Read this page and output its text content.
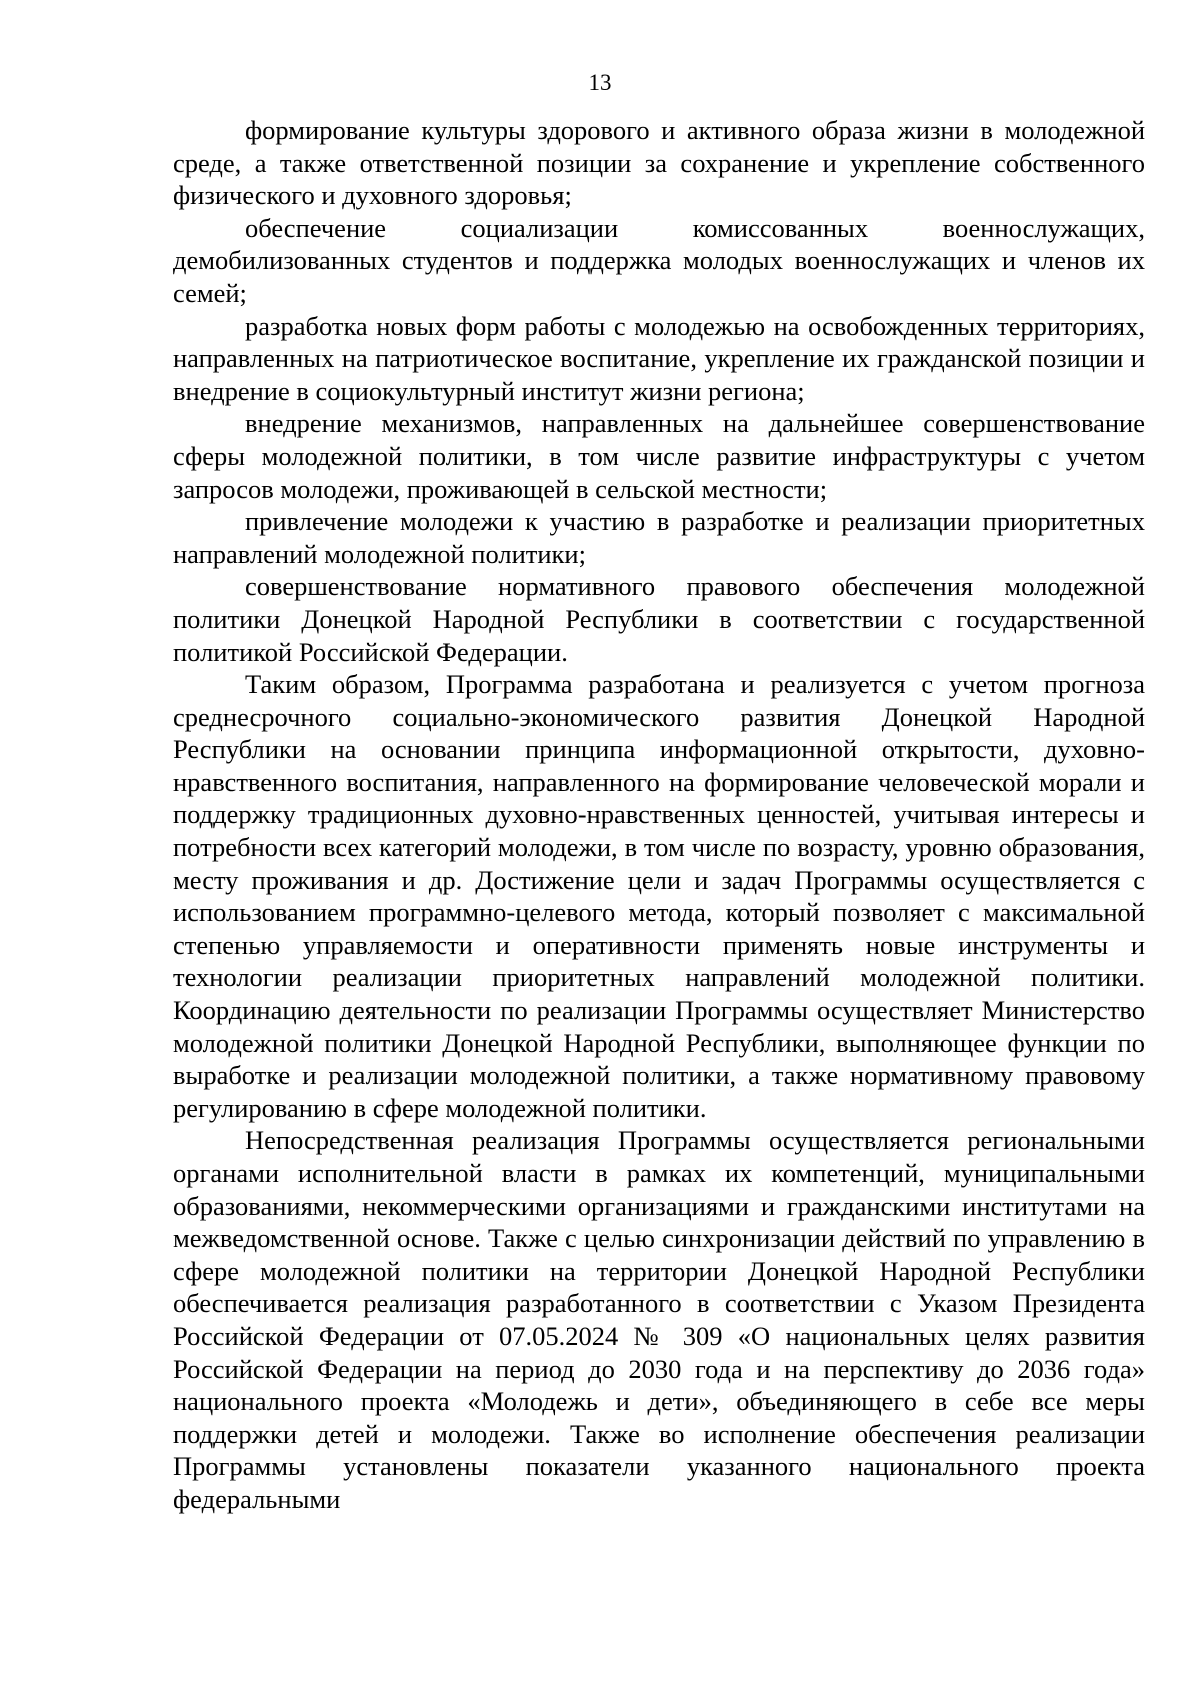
13

формирование культуры здорового и активного образа жизни в молодежной среде, а также ответственной позиции за сохранение и укрепление собственного физического и духовного здоровья;

обеспечение социализации комиссованных военнослужащих, демобилизованных студентов и поддержка молодых военнослужащих и членов их семей;

разработка новых форм работы с молодежью на освобожденных территориях, направленных на патриотическое воспитание, укрепление их гражданской позиции и внедрение в социокультурный институт жизни региона;

внедрение механизмов, направленных на дальнейшее совершенствование сферы молодежной политики, в том числе развитие инфраструктуры с учетом запросов молодежи, проживающей в сельской местности;

привлечение молодежи к участию в разработке и реализации приоритетных направлений молодежной политики;

совершенствование нормативного правового обеспечения молодежной политики Донецкой Народной Республики в соответствии с государственной политикой Российской Федерации.

Таким образом, Программа разработана и реализуется с учетом прогноза среднесрочного социально-экономического развития Донецкой Народной Республики на основании принципа информационной открытости, духовно-нравственного воспитания, направленного на формирование человеческой морали и поддержку традиционных духовно-нравственных ценностей, учитывая интересы и потребности всех категорий молодежи, в том числе по возрасту, уровню образования, месту проживания и др. Достижение цели и задач Программы осуществляется с использованием программно-целевого метода, который позволяет с максимальной степенью управляемости и оперативности применять новые инструменты и технологии реализации приоритетных направлений молодежной политики. Координацию деятельности по реализации Программы осуществляет Министерство молодежной политики Донецкой Народной Республики, выполняющее функции по выработке и реализации молодежной политики, а также нормативному правовому регулированию в сфере молодежной политики.

Непосредственная реализация Программы осуществляется региональными органами исполнительной власти в рамках их компетенций, муниципальными образованиями, некоммерческими организациями и гражданскими институтами на межведомственной основе. Также с целью синхронизации действий по управлению в сфере молодежной политики на территории Донецкой Народной Республики обеспечивается реализация разработанного в соответствии с Указом Президента Российской Федерации от 07.05.2024 № 309 «О национальных целях развития Российской Федерации на период до 2030 года и на перспективу до 2036 года» национального проекта «Молодежь и дети», объединяющего в себе все меры поддержки детей и молодежи. Также во исполнение обеспечения реализации Программы установлены показатели указанного национального проекта федеральными
